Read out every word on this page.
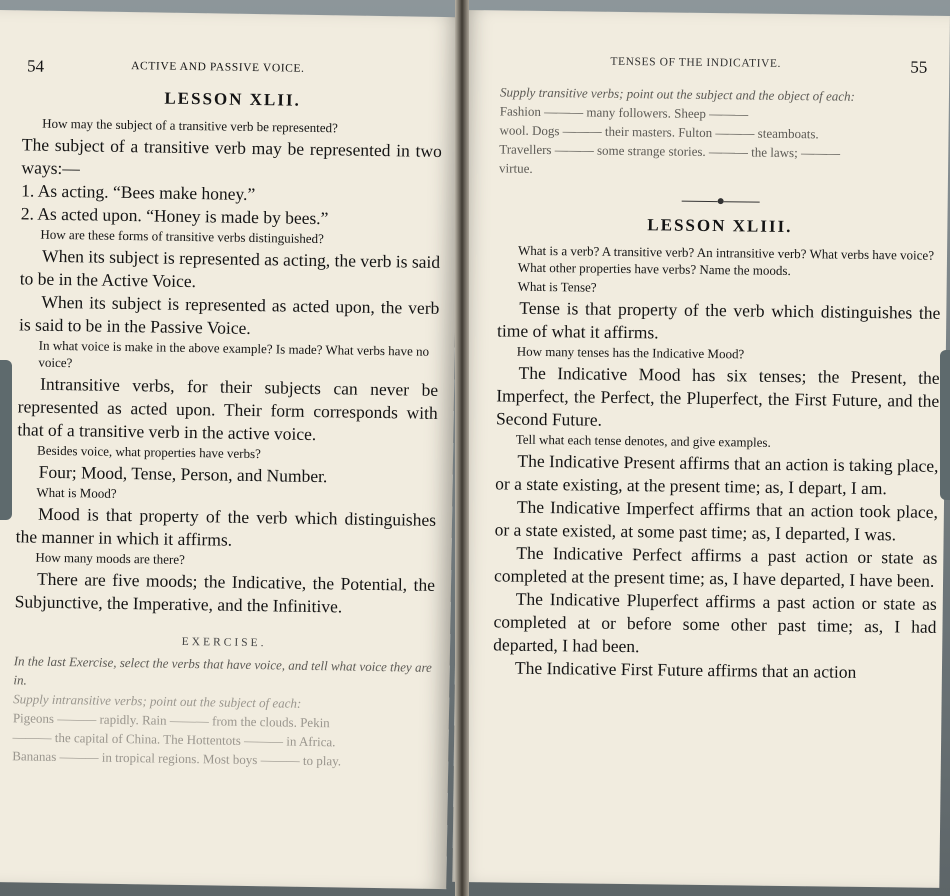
54	ACTIVE AND PASSIVE VOICE.
LESSON XLII.

How may the subject of a transitive verb be represented?

The subject of a transitive verb may be represented in two ways:—

1. As acting. “Bees make honey.”

2. As acted upon. “Honey is made by bees.”

How are these forms of transitive verbs distinguished?

When its subject is represented as acting, the verb is said to be in the Active Voice.

When its subject is represented as acted upon, the verb is said to be in the Passive Voice.

In what voice is make in the above example? Is made? What verbs have no voice?

Intransitive verbs, for their subjects can never be represented as acted upon. Their form corresponds with that of a transitive verb in the active voice.

Besides voice, what properties have verbs?

Four; Mood, Tense, Person, and Number.

What is Mood?

Mood is that property of the verb which distinguishes the manner in which it affirms.

How many moods are there?

There are five moods; the Indicative, the Potential, the Subjunctive, the Imperative, and the Infinitive.

EXERCISE.

In the last Exercise, select the verbs that have voice, and tell what voice they are in.

Supply intransitive verbs; point out the subject of each:

Pigeons ——— rapidly. Rain ——— from the clouds. Pekin

——— the capital of China. The Hottentots ——— in Africa.

Bananas ——— in tropical regions. Most boys ——— to play.

TENSES OF THE INDICATIVE.	55

Supply transitive verbs; point out the subject and the object of each:

Fashion ——— many followers. Sheep ———

wool. Dogs ——— their masters. Fulton ——— steamboats.

Travellers ——— some strange stories. ——— the laws; ———

virtue.

LESSON XLIII.

What is a verb? A transitive verb? An intransitive verb? What verbs have voice? What other properties have verbs? Name the moods.

What is Tense?

Tense is that property of the verb which distinguishes the time of what it affirms.

How many tenses has the Indicative Mood?

The Indicative Mood has six tenses; the Present, the Imperfect, the Perfect, the Pluperfect, the First Future, and the Second Future.

Tell what each tense denotes, and give examples.

The Indicative Present affirms that an action is taking place, or a state existing, at the present time; as, I depart, I am.

The Indicative Imperfect affirms that an action took place, or a state existed, at some past time; as, I departed, I was.

The Indicative Perfect affirms a past action or state as completed at the present time; as, I have departed, I have been.

The Indicative Pluperfect affirms a past action or state as completed at or before some other past time; as, I had departed, I had been.

The Indicative First Future affirms that an action
